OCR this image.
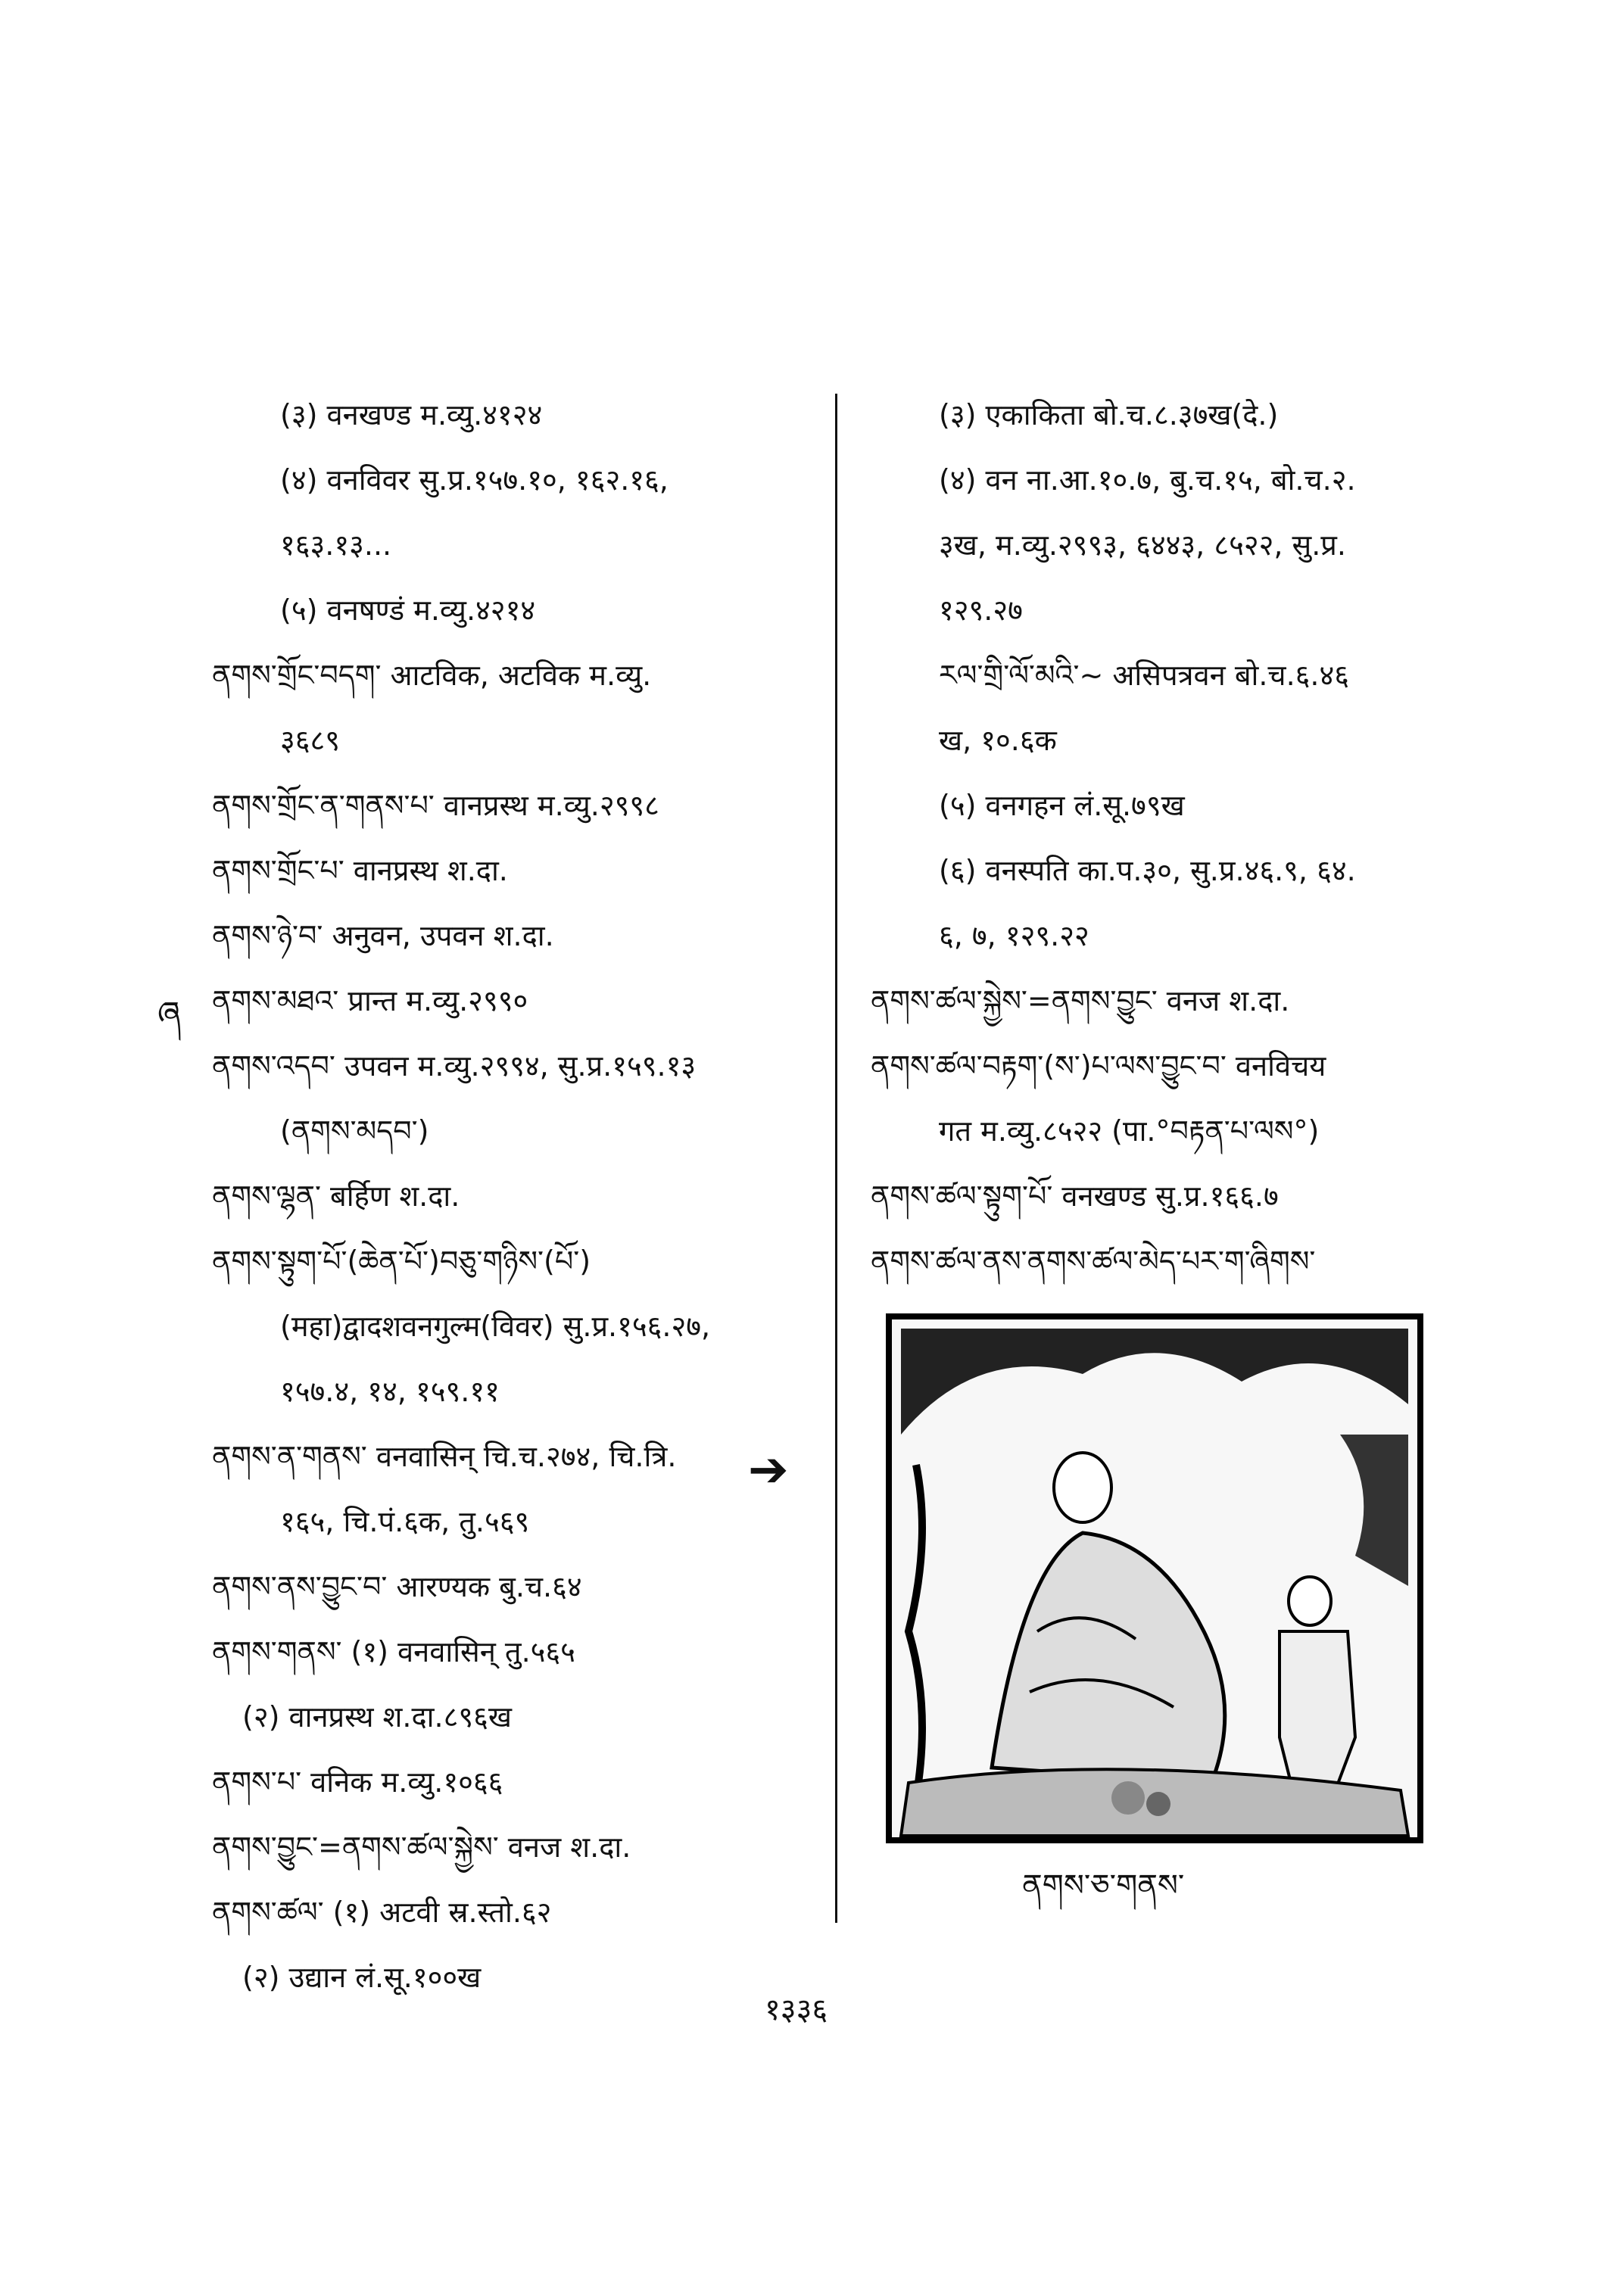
(३) वनखण्ड म.व्यु.४१२४
(४) वनविवर सु.प्र.१५७.१०, १६२.१६,
१६३.१३...
(५) वनषण्डं म.व्यु.४२१४
ནགས་གྲོང་བདག་ आटविक, अटविक म.व्यु.
३६८९
ནགས་གྲོང་ན་གནས་པ་ वानप्रस्थ म.व्यु.२९९८
ནགས་གྲོང་པ་ वानप्रस्थ श.दा.
ནགས་ཉེ་བ་ अनुवन, उपवन श.दा.
ནགས་མཐའ་ प्रान्त म.व्यु.२९९०
ནགས་འདབ་ उपवन म.व्यु.२९९४, सु.प्र.१५९.१३
(ནགས་མདབ་)
ནགས་ལྷན་ बर्हिण श.दा.
ནགས་སྟུག་པོ་(ཆེན་པོ་)བཅུ་གཉིས་(པོ་)
(महा)द्वादशवनगुल्म(विवर) सु.प्र.१५६.२७,
१५७.४, १४, १५९.११
ནགས་ན་གནས་ वनवासिन् चि.च.२७४, चि.त्रि.
१६५, चि.पं.६क, तु.५६९
ནགས་ནས་བྱུང་བ་ आरण्यक बु.च.६४
ནགས་གནས་ (१) वनवासिन् तु.५६५
(२) वानप्रस्थ श.दा.८९६ख
ནགས་པ་ वनिक म.व्यु.१०६६
ནགས་བྱུང་=ནགས་ཚལ་སྐྱེས་ वनज श.दा.
ནགས་ཚལ་ (१) अटवी स्र.स्तो.६२
(२) उद्यान लं.सू.१००ख
(३) एकाकिता बो.च.८.३७ख(दे.)
(४) वन ना.आ.१०.७, बु.च.१५, बो.च.२.
३ख, म.व्यु.२९९३, ६४४३, ८५२२, सु.प्र.
१२९.२७
རལ་གྲི་ལོ་མའི་~ असिपत्रवन बो.च.६.४६
ख, १०.६क
(५) वनगहन लं.सू.७९ख
(६) वनस्पति का.प.३०, सु.प्र.४६.९, ६४.
६, ७, १२९.२२
ནགས་ཚལ་སྐྱེས་=ནགས་བྱུང་ वनज श.दा.
ནགས་ཚལ་བརྟག་(ས་)པ་ལས་བྱུང་བ་ वनविचय
गत म.व्यु.८५२२ (पा.°བརྟན་པ་ལས°)
ནགས་ཚལ་སྟུག་པོ་ वनखण्ड सु.प्र.१६६.७
ནགས་ཚལ་ནས་ནགས་ཚལ་མེད་པར་ག་ཞིགས་
ཞ
➔
ནགས་ཅ་གནས་
१३३६
